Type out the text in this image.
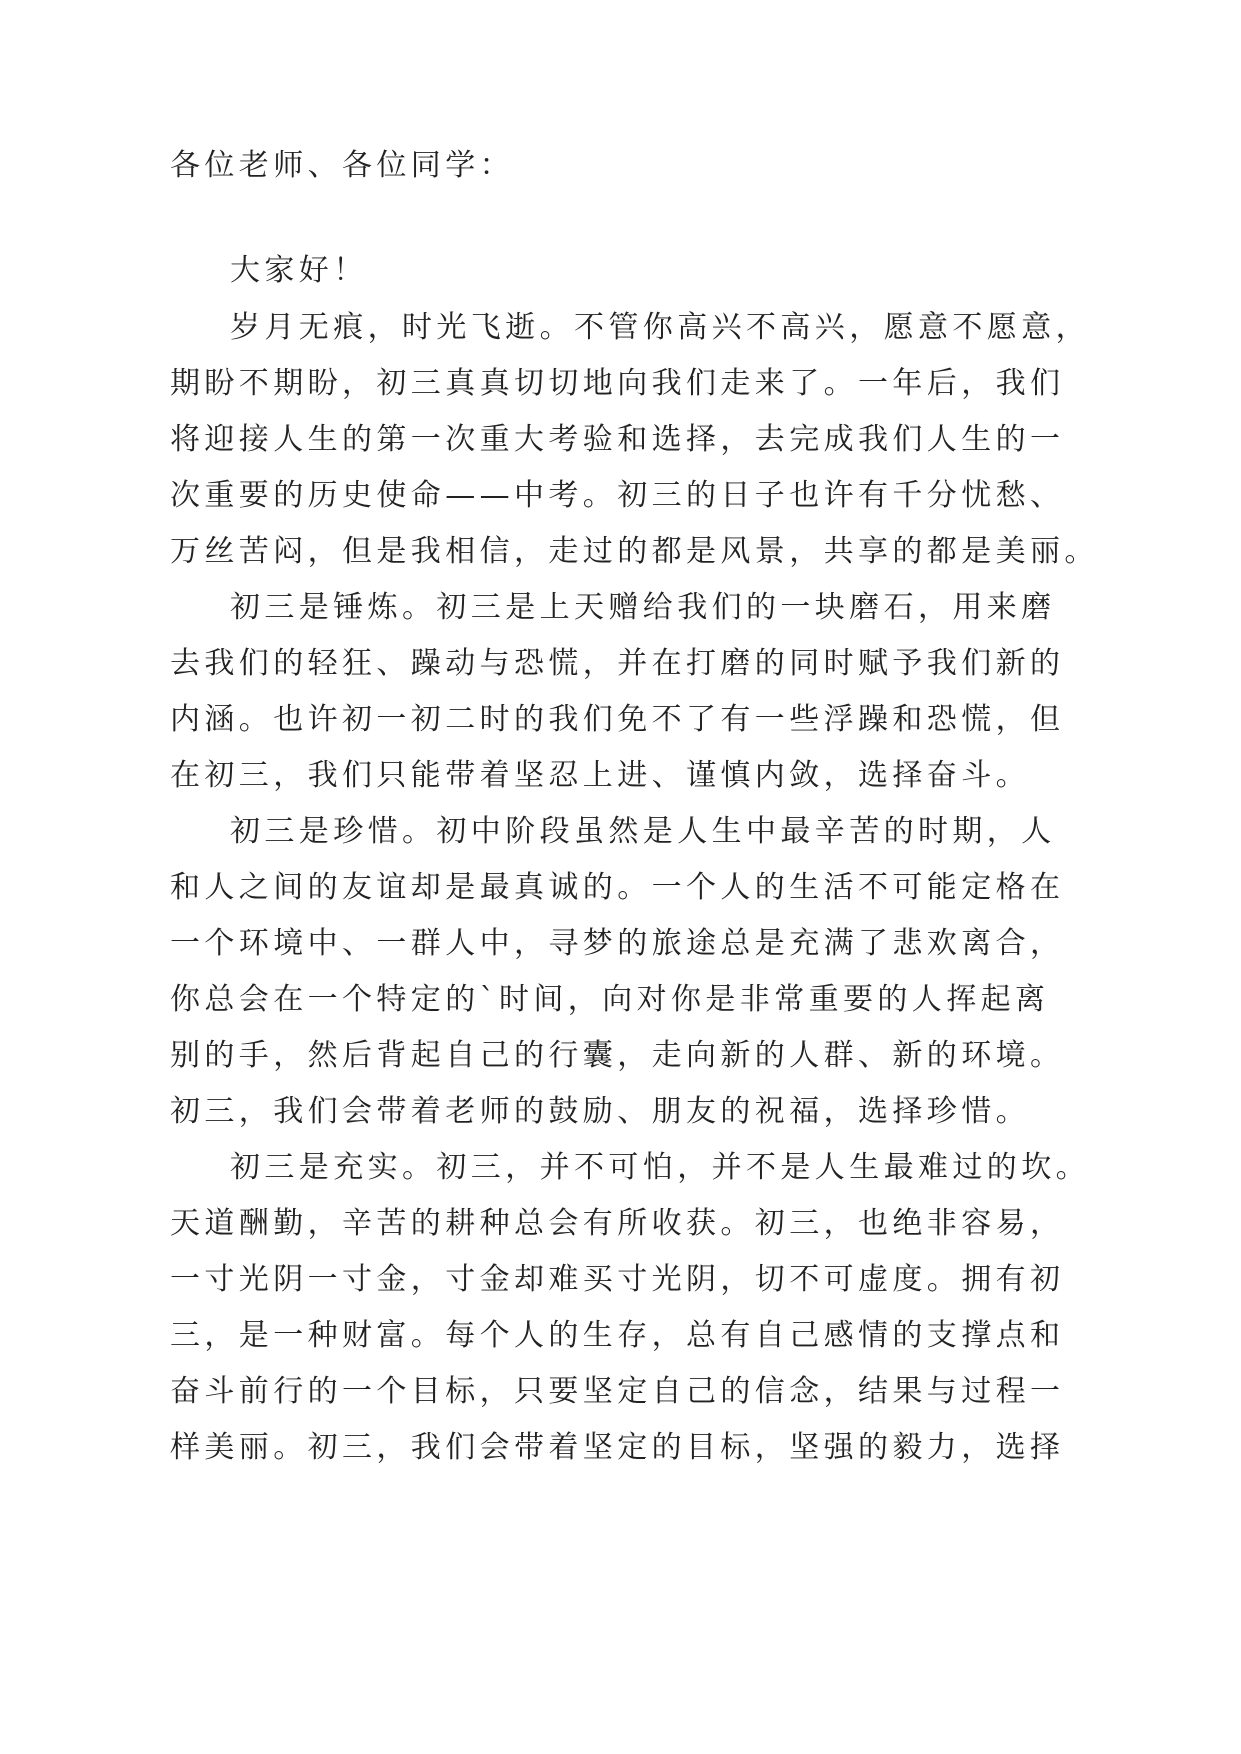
各位老师、各位同学：
大家好！
岁月无痕，时光飞逝。不管你高兴不高兴，愿意不愿意，
期盼不期盼，初三真真切切地向我们走来了。一年后，我们
将迎接人生的第一次重大考验和选择，去完成我们人生的一
次重要的历史使命——中考。初三的日子也许有千分忧愁、
万丝苦闷，但是我相信，走过的都是风景，共享的都是美丽。
初三是锤炼。初三是上天赠给我们的一块磨石，用来磨
去我们的轻狂、躁动与恐慌，并在打磨的同时赋予我们新的
内涵。也许初一初二时的我们免不了有一些浮躁和恐慌，但
在初三，我们只能带着坚忍上进、谨慎内敛，选择奋斗。
初三是珍惜。初中阶段虽然是人生中最辛苦的时期，人
和人之间的友谊却是最真诚的。一个人的生活不可能定格在
一个环境中、一群人中，寻梦的旅途总是充满了悲欢离合，
你总会在一个特定的`时间，向对你是非常重要的人挥起离
别的手，然后背起自己的行囊，走向新的人群、新的环境。
初三，我们会带着老师的鼓励、朋友的祝福，选择珍惜。
初三是充实。初三，并不可怕，并不是人生最难过的坎。
天道酬勤，辛苦的耕种总会有所收获。初三，也绝非容易，
一寸光阴一寸金，寸金却难买寸光阴，切不可虚度。拥有初
三，是一种财富。每个人的生存，总有自己感情的支撑点和
奋斗前行的一个目标，只要坚定自己的信念，结果与过程一
样美丽。初三，我们会带着坚定的目标，坚强的毅力，选择
